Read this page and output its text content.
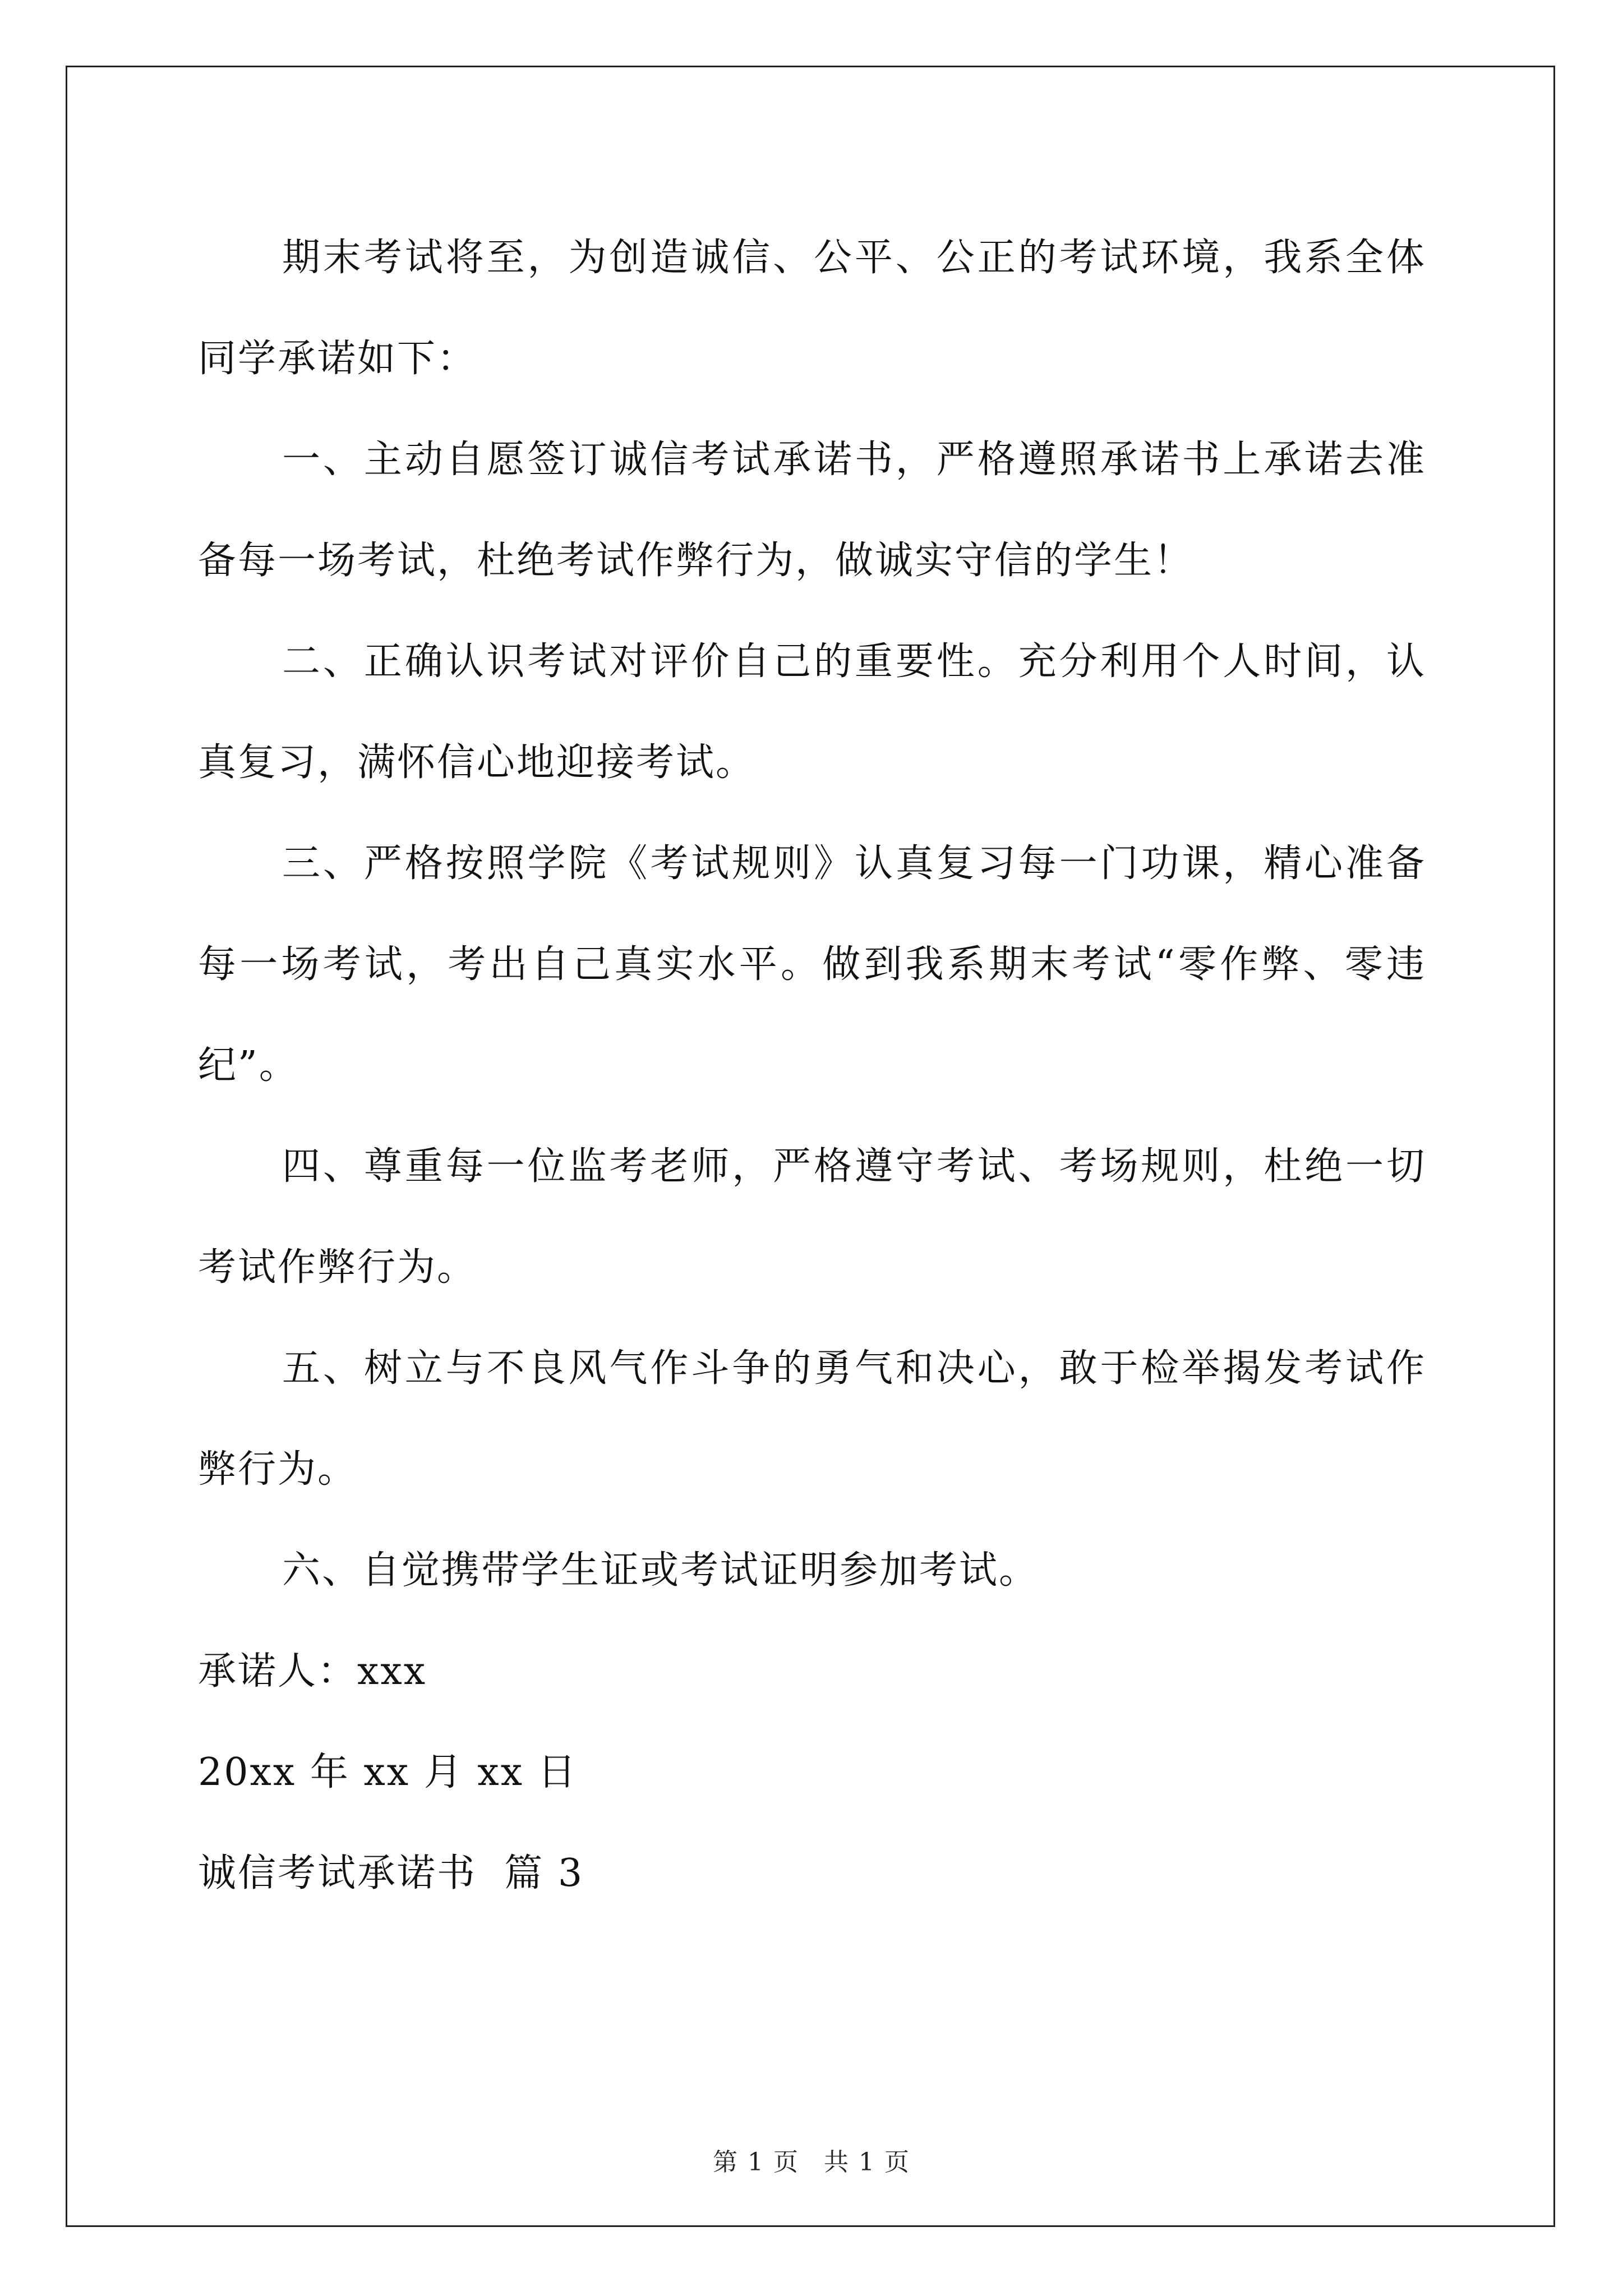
期末考试将至，为创造诚信、公平、公正的考试环境，我系全体同学承诺如下：

一、主动自愿签订诚信考试承诺书，严格遵照承诺书上承诺去准备每一场考试，杜绝考试作弊行为，做诚实守信的学生！

二、正确认识考试对评价自己的重要性。充分利用个人时间，认真复习，满怀信心地迎接考试。

三、严格按照学院《考试规则》认真复习每一门功课，精心准备每一场考试，考出自己真实水平。做到我系期末考试“零作弊、零违纪”。

四、尊重每一位监考老师，严格遵守考试、考场规则，杜绝一切考试作弊行为。

五、树立与不良风气作斗争的勇气和决心，敢于检举揭发考试作弊行为。

六、自觉携带学生证或考试证明参加考试。

承诺人：xxx

20xx 年 xx 月 xx 日

诚信考试承诺书  篇 3

第 1 页 共 1 页
